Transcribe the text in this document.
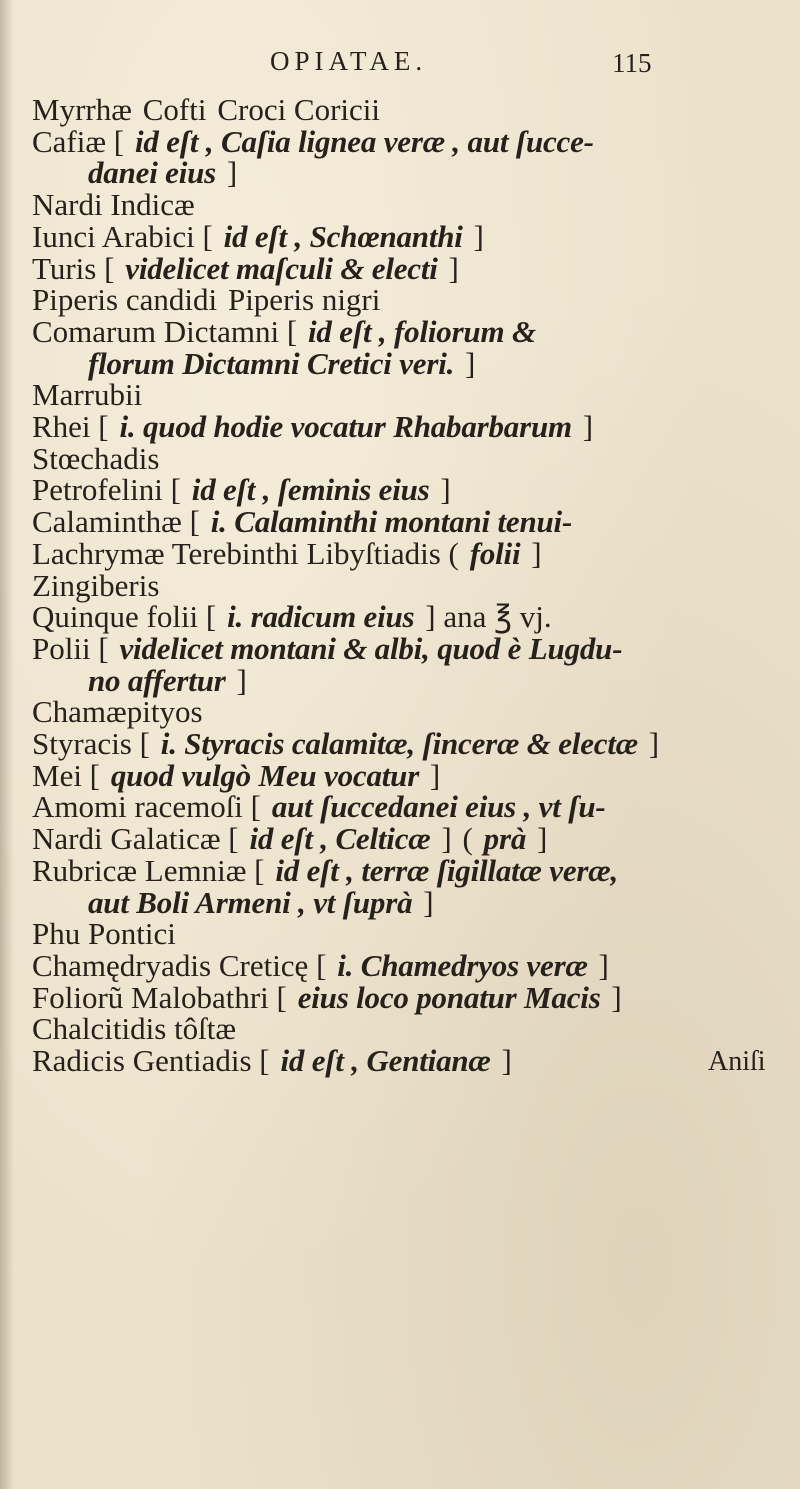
OPIATAE.	115
Myrrhæ Cofti Croci Coricii
Cafiæ [ id eſt , Caſia lignea veræ , aut ſucce-
danei eius ]
Nardi Indicæ
Iunci Arabici [ id eſt , Schœnanthi ]
Turis [ videlicet maſculi & electi ]
Piperis candidi Piperis nigri
Comarum Dictamni [ id eſt , foliorum &
florum Dictamni Cretici veri. ]
Marrubii
Rhei [ i. quod hodie vocatur Rhabarbarum ]
Stœchadis
Petrofelini [ id eſt , ſeminis eius ]
Calaminthæ [ i. Calaminthi montani tenui-
Lachrymæ Terebinthi Libyſtiadis ( folii ]
Zingiberis
Quinque folii [ i. radicum eius ] ana ℥ vj.
Polii [ videlicet montani & albi, quod è Lugdu-
no affertur ]
Chamæpityos
Styracis [ i. Styracis calamitæ, ſinceræ & electæ ]
Mei [ quod vulgò Meu vocatur ]
Amomi racemoſi [ aut ſuccedanei eius , vt ſu-
Nardi Galaticæ [ id eſt , Celticæ ] ( prà ]
Rubricæ Lemniæ [ id eſt , terræ ſigillatæ veræ,
aut Boli Armeni , vt ſuprà ]
Phu Pontici
Chamędryadis Creticę [ i. Chamedryos veræ ]
Foliorũ Malobathri [ eius loco ponatur Macis ]
Chalcitidis tôſtæ
Radicis Gentiadis [ id eſt , Gentianæ ]	Aniſi
